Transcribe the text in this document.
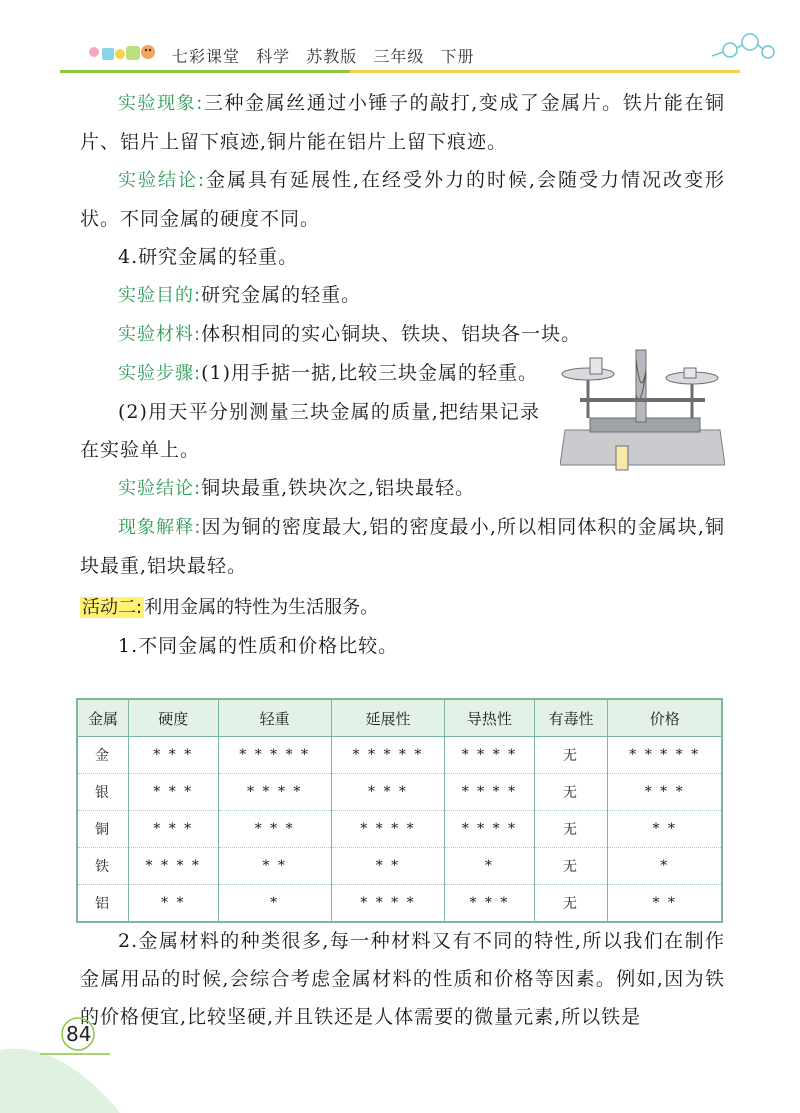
七彩课堂 科学 苏教版 三年级 下册

实验现象:三种金属丝通过小锤子的敲打,变成了金属片。铁片能在铜片、铝片上留下痕迹,铜片能在铝片上留下痕迹。

实验结论:金属具有延展性,在经受外力的时候,会随受力情况改变形状。不同金属的硬度不同。

4.研究金属的轻重。

实验目的:研究金属的轻重。

实验材料:体积相同的实心铜块、铁块、铝块各一块。

实验步骤:(1)用手掂一掂,比较三块金属的轻重。

(2)用天平分别测量三块金属的质量,把结果记录在实验单上。

实验结论:铜块最重,铁块次之,铝块最轻。

现象解释:因为铜的密度最大,铝的密度最小,所以相同体积的金属块,铜块最重,铝块最轻。

活动二: 利用金属的特性为生活服务。

1.不同金属的性质和价格比较。

金属	硬度	轻重	延展性	导热性	有毒性	价格
金	* * *	* * * * *	* * * * *	* * * *	无	* * * * *
银	* * *	* * * *	* * *	* * * *	无	* * *
铜	* * *	* * *	* * * *	* * * *	无	* *
铁	* * * *	* *	* *	*	无	*
铝	* *	*	* * * *	* * *	无	* *

2.金属材料的种类很多,每一种材料又有不同的特性,所以我们在制作金属用品的时候,会综合考虑金属材料的性质和价格等因素。例如,因为铁的价格便宜,比较坚硬,并且铁还是人体需要的微量元素,所以铁是

84
